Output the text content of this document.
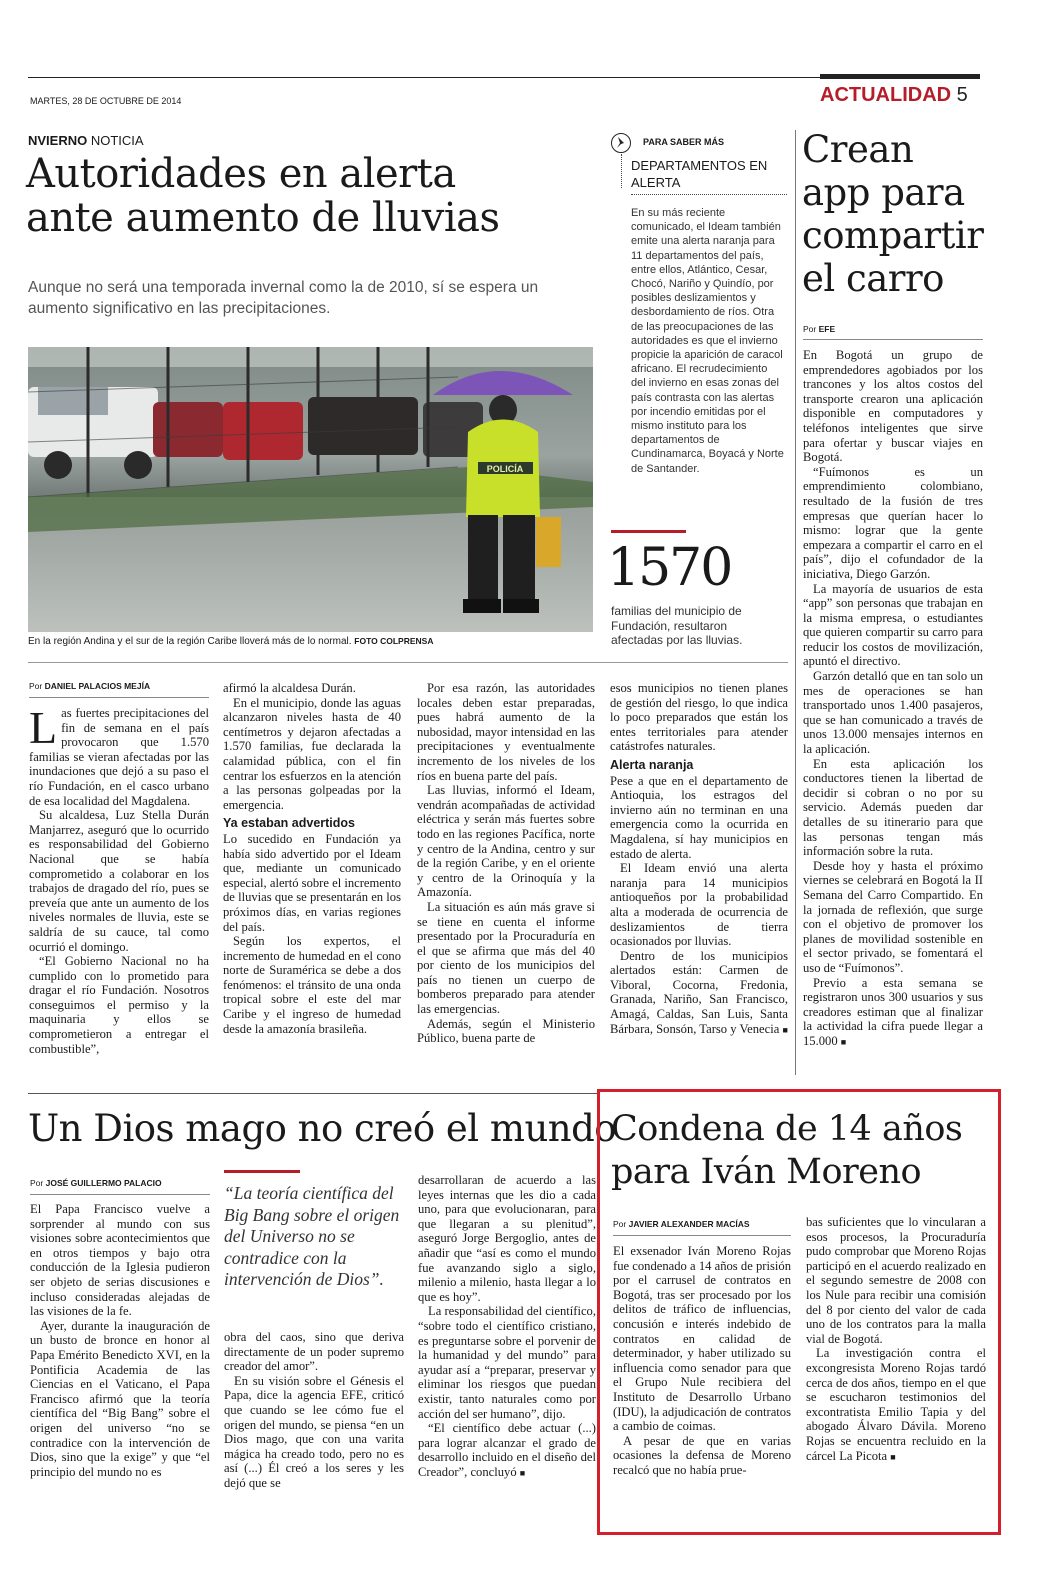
MARTES, 28 DE OCTUBRE DE 2014	ACTUALIDAD 5
NVIERNO NOTICIA
Autoridades en alerta
ante aumento de lluvias
Aunque no será una temporada invernal como la de 2010, sí se espera un aumento significativo en las precipitaciones.
POLICÍA
En la región Andina y el sur de la región Caribe lloverá más de lo normal. FOTO COLPRENSA
Por DANIEL PALACIOS MEJÍA

Las fuertes precipitaciones del fin de semana en el país provocaron que 1.570 familias se vieran afectadas por las inundaciones que dejó a su paso el río Fundación, en el casco urbano de esa localidad del Magdalena.

Su alcaldesa, Luz Stella Durán Manjarrez, aseguró que lo ocurrido es responsabilidad del Gobierno Nacional que se había comprometido a colaborar en los trabajos de dragado del río, pues se preveía que ante un aumento de los niveles normales de lluvia, este se saldría de su cauce, tal como ocurrió el domingo.

“El Gobierno Nacional no ha cumplido con lo prometido para dragar el río Fundación. Nosotros conseguimos el permiso y la maquinaria y ellos se comprometieron a entregar el combustible”,

afirmó la alcaldesa Durán.

En el municipio, donde las aguas alcanzaron niveles hasta de 40 centímetros y dejaron afectadas a 1.570 familias, fue declarada la calamidad pública, con el fin centrar los esfuerzos en la atención a las personas golpeadas por la emergencia.

Ya estaban advertidos

Lo sucedido en Fundación ya había sido advertido por el Ideam que, mediante un comunicado especial, alertó sobre el incremento de lluvias que se presentarán en los próximos días, en varias regiones del país.

Según los expertos, el incremento de humedad en el cono norte de Suramérica se debe a dos fenómenos: el tránsito de una onda tropical sobre el este del mar Caribe y el ingreso de humedad desde la amazonía brasileña.

Por esa razón, las autoridades locales deben estar preparadas, pues habrá aumento de la nubosidad, mayor intensidad en las precipitaciones y eventualmente incremento de los niveles de los ríos en buena parte del país.

Las lluvias, informó el Ideam, vendrán acompañadas de actividad eléctrica y serán más fuertes sobre todo en las regiones Pacífica, norte y centro de la Andina, centro y sur de la región Caribe, y en el oriente y centro de la Orinoquía y la Amazonía.

La situación es aún más grave si se tiene en cuenta el informe presentado por la Procuraduría en el que se afirma que más del 40 por ciento de los municipios del país no tienen un cuerpo de bomberos preparado para atender las emergencias.

Además, según el Ministerio Público, buena parte de

esos municipios no tienen planes de gestión del riesgo, lo que indica lo poco preparados que están los entes territoriales para atender catástrofes naturales.

Alerta naranja

Pese a que en el departamento de Antioquia, los estragos del invierno aún no terminan en una emergencia como la ocurrida en Magdalena, sí hay municipios en estado de alerta.

El Ideam envió una alerta naranja para 14 municipios antioqueños por la probabilidad alta a moderada de ocurrencia de deslizamientos de tierra ocasionados por lluvias.

Dentro de los municipios alertados están: Carmen de Viboral, Cocorna, Fredonia, Granada, Nariño, San Francisco, Amagá, Caldas, San Luis, Santa Bárbara, Sonsón, Tarso y Venecia ■

PARA SABER MÁS
DEPARTAMENTOS EN ALERTA
En su más reciente comunicado, el Ideam también emite una alerta naranja para 11 departamentos del país, entre ellos, Atlántico, Cesar, Chocó, Nariño y Quindío, por posibles deslizamientos y desbordamiento de ríos. Otra de las preocupaciones de las autoridades es que el invierno propicie la aparición de caracol africano. El recrudecimiento del invierno en esas zonas del país contrasta con las alertas por incendio emitidas por el mismo instituto para los departamentos de Cundinamarca, Boyacá y Norte de Santander.
1570
familias del municipio de Fundación, resultaron afectadas por las lluvias.
Crean app para compartir el carro
Por EFE

En Bogotá un grupo de emprendedores agobiados por los trancones y los altos costos del transporte crearon una aplicación disponible en computadores y teléfonos inteligentes que sirve para ofertar y buscar viajes en Bogotá.

“Fuímonos es un emprendimiento colombiano, resultado de la fusión de tres empresas que querían hacer lo mismo: lograr que la gente empezara a compartir el carro en el país”, dijo el cofundador de la iniciativa, Diego Garzón.

La mayoría de usuarios de esta “app” son personas que trabajan en la misma empresa, o estudiantes que quieren compartir su carro para reducir los costos de movilización, apuntó el directivo.

Garzón detalló que en tan solo un mes de operaciones se han transportado unos 1.400 pasajeros, que se han comunicado a través de unos 13.000 mensajes internos en la aplicación.

En esta aplicación los conductores tienen la libertad de decidir si cobran o no por su servicio. Además pueden dar detalles de su itinerario para que las personas tengan más información sobre la ruta.

Desde hoy y hasta el próximo viernes se celebrará en Bogotá la II Semana del Carro Compartido. En la jornada de reflexión, que surge con el objetivo de promover los planes de movilidad sostenible en el sector privado, se fomentará el uso de “Fuímonos”.

Previo a esta semana se registraron unos 300 usuarios y sus creadores estiman que al finalizar la actividad la cifra puede llegar a 15.000 ■

Un Dios mago no creó el mundo
Por JOSÉ GUILLERMO PALACIO

El Papa Francisco vuelve a sorprender al mundo con sus visiones sobre acontecimientos que en otros tiempos y bajo otra conducción de la Iglesia pudieron ser objeto de serias discusiones e incluso consideradas alejadas de las visiones de la fe.

Ayer, durante la inauguración de un busto de bronce en honor al Papa Emérito Benedicto XVI, en la Pontificia Academia de las Ciencias en el Vaticano, el Papa Francisco afirmó que la teoría científica del “Big Bang” sobre el origen del universo “no se contradice con la intervención de Dios, sino que la exige” y que “el principio del mundo no es

“La teoría científica del Big Bang sobre el origen del Universo no se contradice con la intervención de Dios”.

obra del caos, sino que deriva directamente de un poder supremo creador del amor”.

En su visión sobre el Génesis el Papa, dice la agencia EFE, criticó que cuando se lee cómo fue el origen del mundo, se piensa “en un Dios mago, que con una varita mágica ha creado todo, pero no es así (...) Él creó a los seres y les dejó que se

desarrollaran de acuerdo a las leyes internas que les dio a cada uno, para que evolucionaran, para que llegaran a su plenitud”, aseguró Jorge Bergoglio, antes de añadir que “así es como el mundo fue avanzando siglo a siglo, milenio a milenio, hasta llegar a lo que es hoy”.

La responsabilidad del científico, “sobre todo el científico cristiano, es preguntarse sobre el porvenir de la humanidad y del mundo” para ayudar así a “preparar, preservar y eliminar los riesgos que puedan existir, tanto naturales como por acción del ser humano”, dijo.

“El científico debe actuar (...) para lograr alcanzar el grado de desarrollo incluido en el diseño del Creador”, concluyó ■

Condena de 14 años
para Iván Moreno
Por JAVIER ALEXANDER MACÍAS

El exsenador Iván Moreno Rojas fue condenado a 14 años de prisión por el carrusel de contratos en Bogotá, tras ser procesado por los delitos de tráfico de influencias, concusión e interés indebido de contratos en calidad de determinador, y haber utilizado su influencia como senador para que el Grupo Nule recibiera del Instituto de Desarrollo Urbano (IDU), la adjudicación de contratos a cambio de coimas.

A pesar de que en varias ocasiones la defensa de Moreno recalcó que no había prue-

bas suficientes que lo vincularan a esos procesos, la Procuraduría pudo comprobar que Moreno Rojas participó en el acuerdo realizado en el segundo semestre de 2008 con los Nule para recibir una comisión del 8 por ciento del valor de cada uno de los contratos para la malla vial de Bogotá.

La investigación contra el excongresista Moreno Rojas tardó cerca de dos años, tiempo en el que se escucharon testimonios del excontratista Emilio Tapia y del abogado Álvaro Dávila. Moreno Rojas se encuentra recluido en la cárcel La Picota ■
